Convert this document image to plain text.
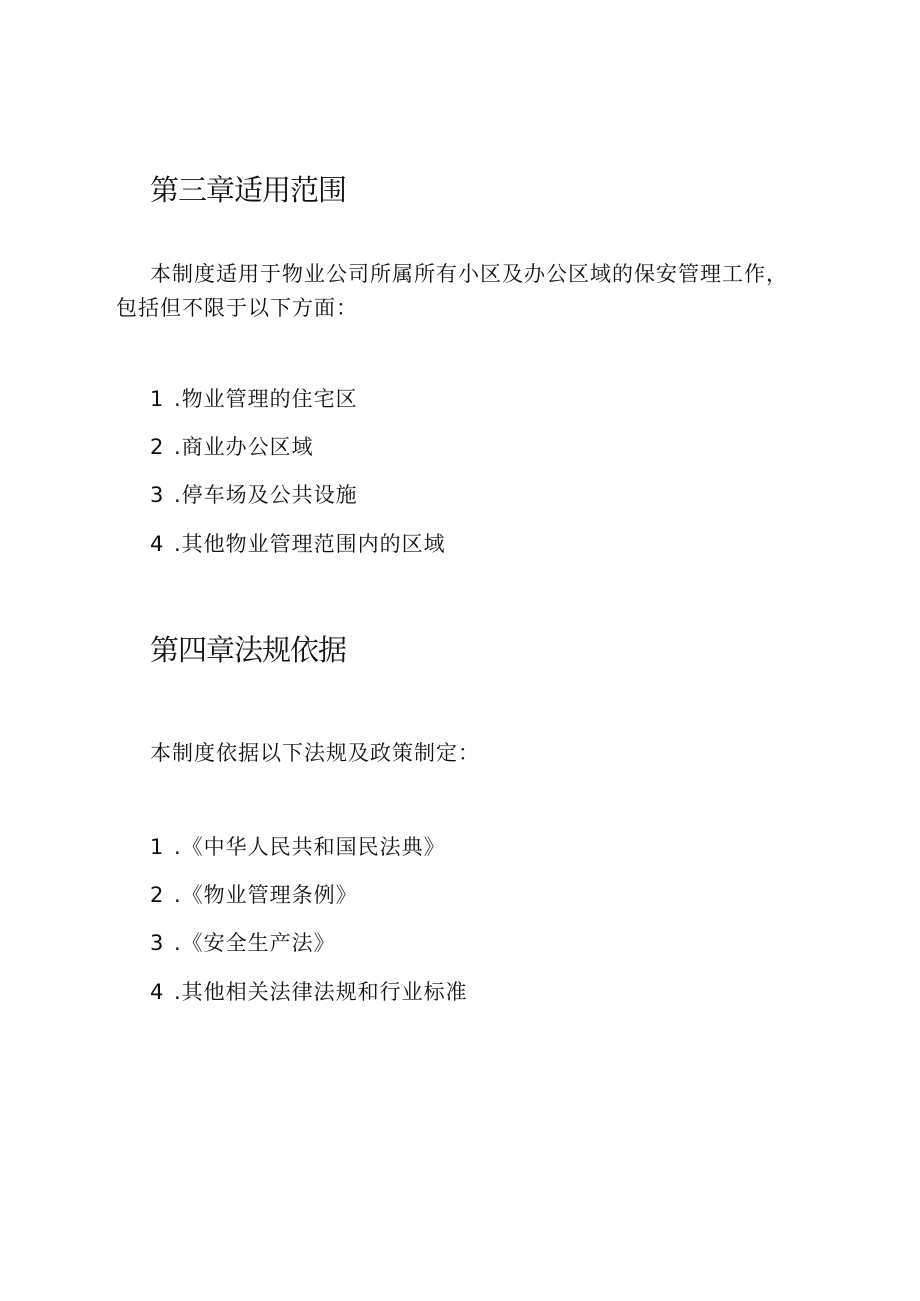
第三章适用范围

本制度适用于物业公司所属所有小区及办公区域的保安管理工作，包括但不限于以下方面：

1 .物业管理的住宅区
2 .商业办公区域
3 .停车场及公共设施
4 .其他物业管理范围内的区域
第四章法规依据

本制度依据以下法规及政策制定：

1 .《中华人民共和国民法典》
2 .《物业管理条例》
3 .《安全生产法》
4 .其他相关法律法规和行业标准
